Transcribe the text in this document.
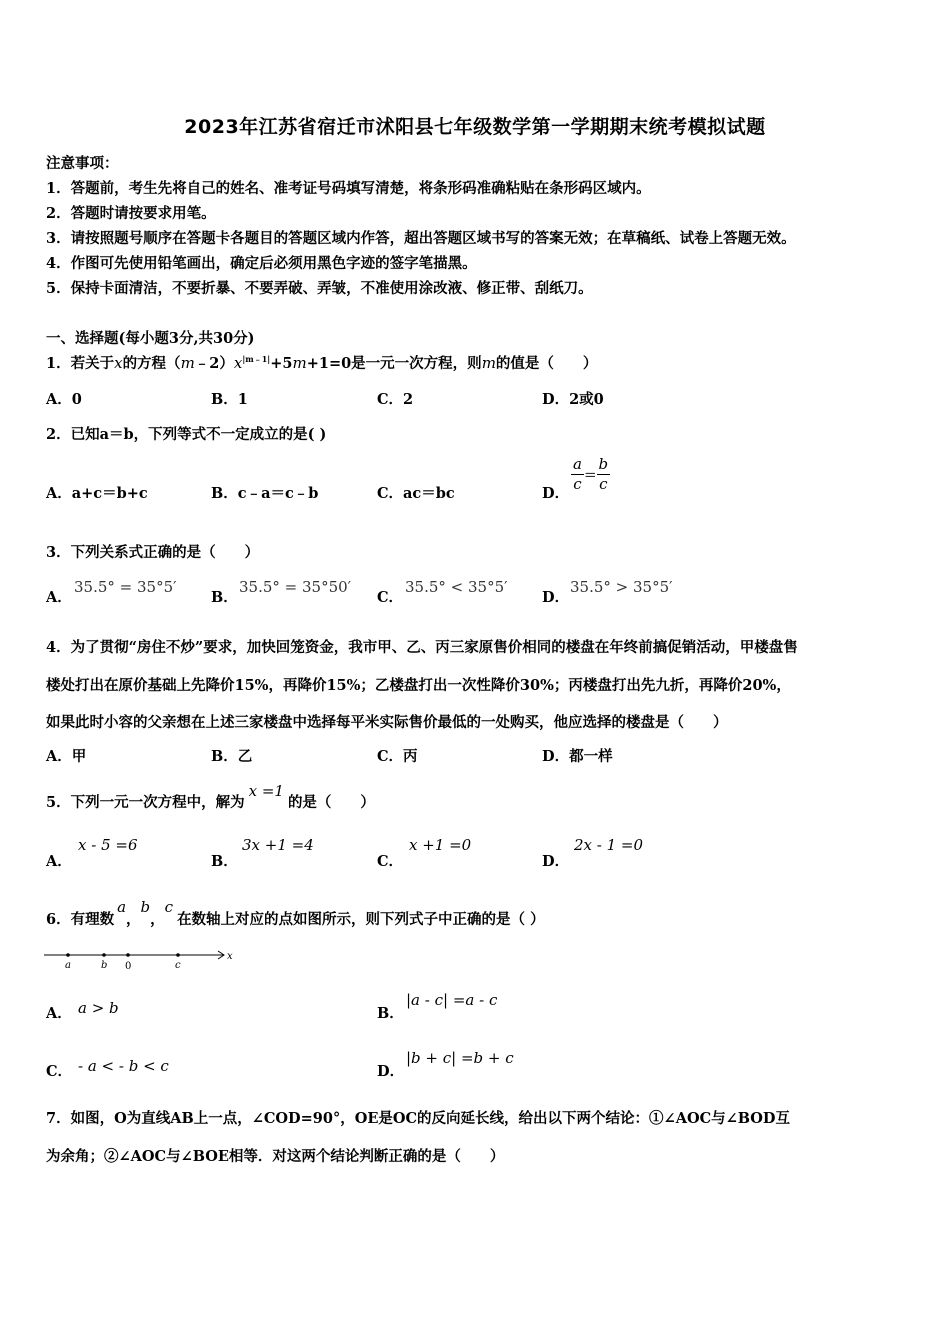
2023年江苏省宿迁市沭阳县七年级数学第一学期期末统考模拟试题
注意事项：
1．答题前，考生先将自己的姓名、准考证号码填写清楚，将条形码准确粘贴在条形码区域内。
2．答题时请按要求用笔。
3．请按照题号顺序在答题卡各题目的答题区域内作答，超出答题区域书写的答案无效；在草稿纸、试卷上答题无效。
4．作图可先使用铅笔画出，确定后必须用黑色字迹的签字笔描黑。
5．保持卡面清洁，不要折暴、不要弄破、弄皱，不准使用涂改液、修正带、刮纸刀。
一、选择题(每小题3分,共30分)
1．若关于x的方程$(m﹣2)x^{|m﹣1|}+5m+1=0$是一元一次方程，则m的值是（　　）
A．0	B．1	C．2	D．2或0
2．已知a＝b，下列等式不一定成立的是( )
A．a+c＝b+c	B．c﹣a＝c﹣b	C．ac＝bc	D． $\frac{a}{c} = \frac{b}{c}$
3．下列关系式正确的是（　　）
A．
35.5° = 35°5′
B．
35.5° = 35°50′
C．
35.5° < 35°5′
D．
35.5° > 35°5′
4．为了贯彻“房住不炒”要求，加快回笼资金，我市甲、乙、丙三家原售价相同的楼盘在年终前搞促销活动，甲楼盘售
楼处打出在原价基础上先降价15%，再降价15%；乙楼盘打出一次性降价30%；丙楼盘打出先九折，再降价20%，
如果此时小容的父亲想在上述三家楼盘中选择每平米实际售价最低的一处购买，他应选择的楼盘是（　　）
A．甲	B．乙	C．丙	D．都一样
5．下列一元一次方程中，解为x =1的是（　　）
A．
x - 5 =6
B．
3x +1 =4
C．
x +1 =0
D．
2x - 1 =0
6．有理数a，b，c在数轴上对应的点如图所示，则下列式子中正确的是（ ）
a	b 0	c
x
A． a > b	B．
|a - c| =a - c
C． - a < - b < c	D．
|b + c| =b + c
7．如图，O为直线AB上一点，∠COD=90°，OE是OC的反向延长线，给出以下两个结论：①∠AOC与∠BOD互
为余角；②∠AOC与∠BOE相等．对这两个结论判断正确的是（　　）
